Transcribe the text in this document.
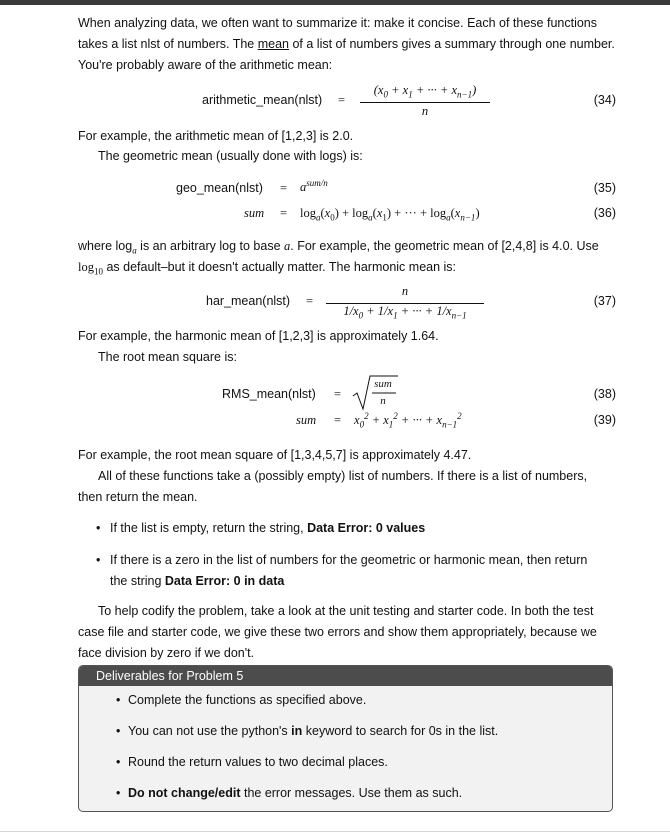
When analyzing data, we often want to summarize it: make it concise. Each of these functions
takes a list nlst of numbers. The mean of a list of numbers gives a summary through one number.
You're probably aware of the arithmetic mean:
arithmetic_mean(nlst) =
($x_0 + x_1$ + ··· + $x_{n-1}$)
n
(34)
For example, the arithmetic mean of [1,2,3] is 2.0.
The geometric mean (usually done with logs) is:
geo_mean(nlst) = $a^{sum/n}$	(35)
sum = $\log_a(x_0) + \log_a(x_1)$ + ··· + $\log_a(x_{n-1})$	(36)
where $\log_a$ is an arbitrary log to base a. For example, the geometric mean of [2,4,8] is 4.0. Use
$\log_{10}$ as default–but it doesn't actually matter. The harmonic mean is:
har_mean(nlst) =
n
$1/x_0 + 1/x_1$ + ··· + $1/x_{n-1}$
(37)
For example, the harmonic mean of [1,2,3] is approximately 1.64.
The root mean square is:
RMS_mean(nlst) =
sum
n	(38)
sum = $x_0^2 + x_1^2$ + ··· + $x_{n-1}^2$	(39)
For example, the root mean square of [1,3,4,5,7] is approximately 4.47.
All of these functions take a (possibly empty) list of numbers. If there is a list of numbers,
then return the mean.
• If the list is empty, return the string, Data Error: 0 values
• If there is a zero in the list of numbers for the geometric or harmonic mean, then return
the string Data Error: 0 in data
To help codify the problem, take a look at the unit testing and starter code. In both the test
case file and starter code, we give these two errors and show them appropriately, because we
face division by zero if we don't.
Deliverables for Problem 5
• Complete the functions as specified above.
• You can not use the python's in keyword to search for 0s in the list.
• Round the return values to two decimal places.
• Do not change/edit the error messages. Use them as such.
